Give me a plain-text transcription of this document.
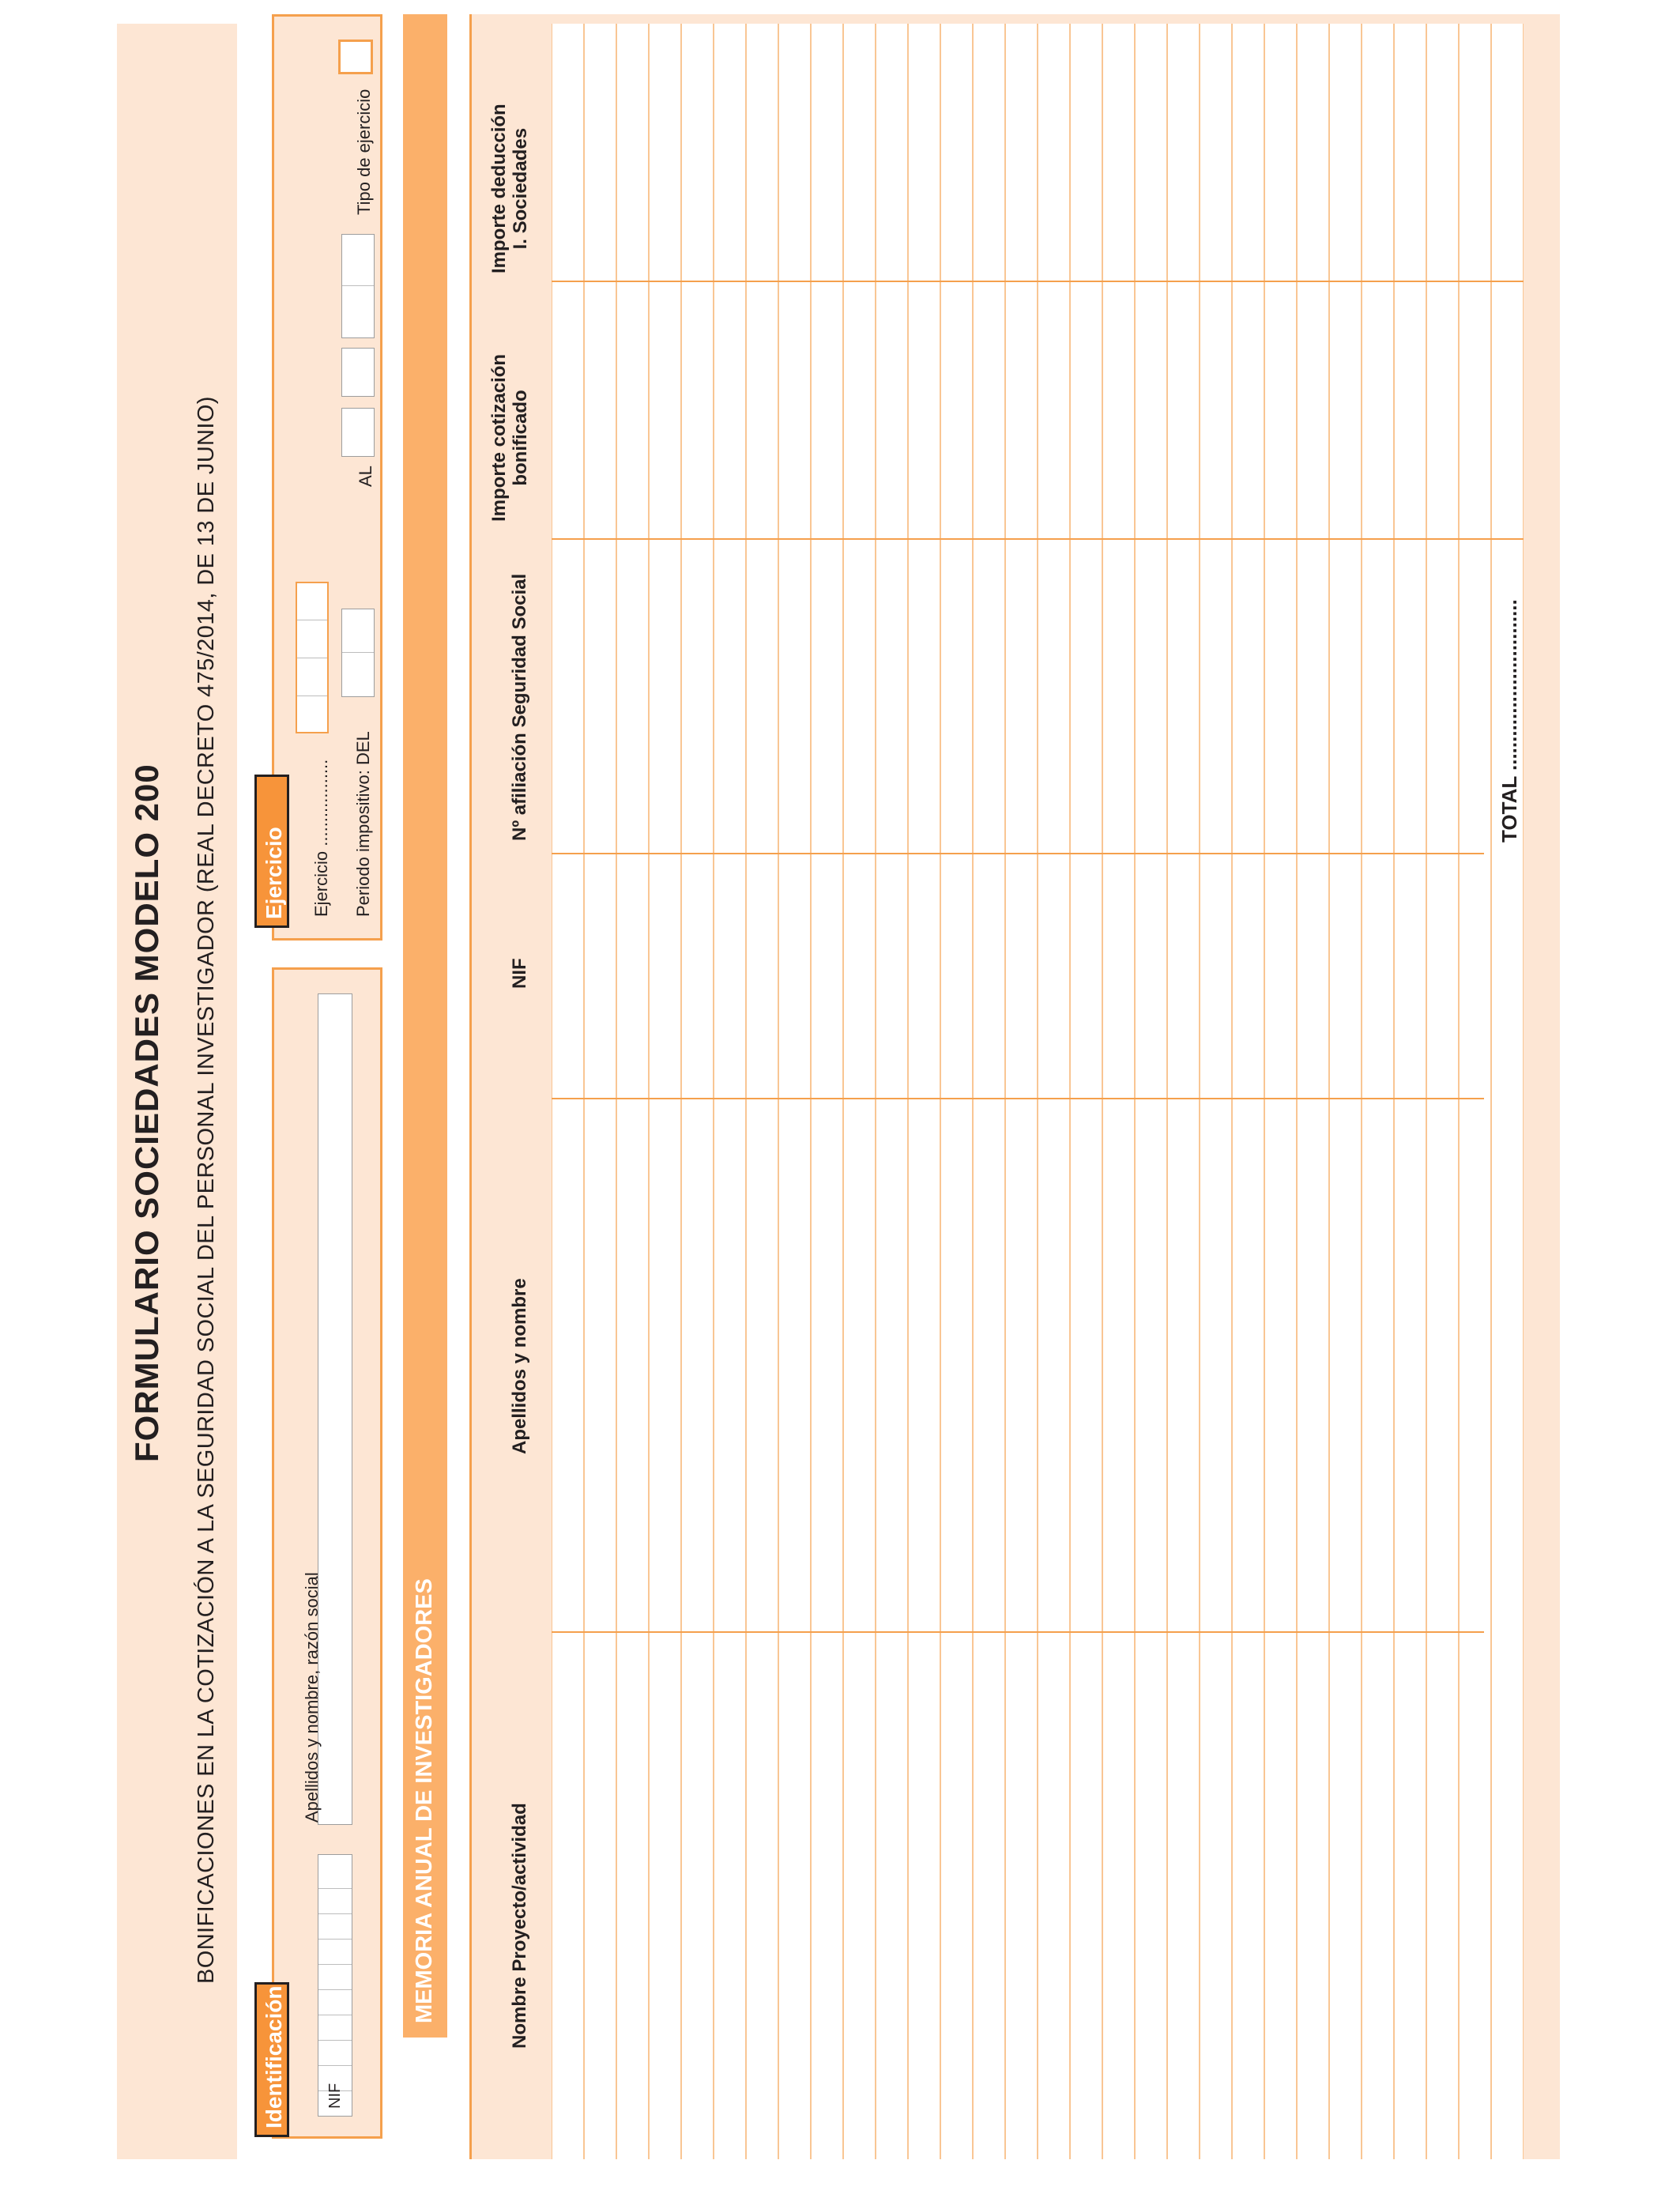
FORMULARIO SOCIEDADES MODELO 200 BONIFICACIONES EN LA COTIZACIÓN A LA SEGURIDAD SOCIAL DEL PERSONAL INVESTIGADOR (REAL DECRETO 475/2014, DE 13 DE JUNIO)
Identificación	NIF
Apellidos y nombre, razón social
Ejercicio Ejercicio .................. Periodo impositivo: DEL
AL
Tipo de ejercicio
MEMORIA ANUAL DE INVESTIGADORES	Nombre Proyecto/actividad
Apellidos y nombre
NIF
Nº afiliación Seguridad Social
Importe cotización
bonificado
Importe deducción
I. Sociedades
TOTAL ..............................
